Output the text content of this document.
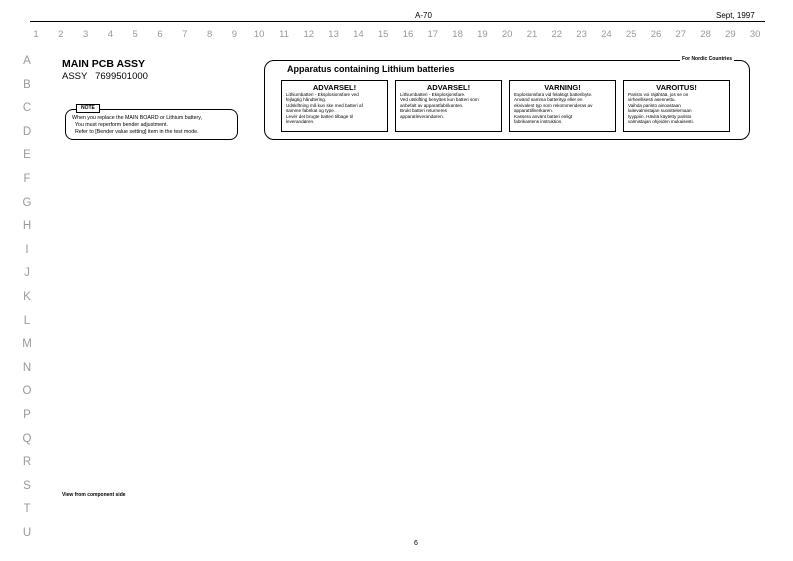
A-70	Sept, 1997
1	2	3	4	5	6	7	8	9	10	11	12	13	14	15	16	17	18	19	20	21	22	23	24	25	26	27	28	29	30
A
B
C
D
E
F
G
H
I
J
K
L
M
N
O
P
Q
R
S
T
U
MAIN PCB ASSY
ASSY   7699501000
NOTE
When you replace the MAIN BOARD or Lithium battery,
You must reperform bender adjustment.
Refer to [Bender value setting] item in the test mode.
For Nordic Countries
Apparatus containing Lithium batteries
ADVARSEL!
Lithiumbatteri - Eksplosionsfare ved
fejlagtig håndtering.
Udskiftning må kun ske med batteri af
samme fabrikat og type.
Levér det brugte batteri tilbage til
leverandøren.
ADVARSEL!
Lithiumbatteri - Eksplosjonsfare.
Ved utskifting benyttes kun batteri som
anbefalt av apparatfabrikanten.
Brukt batteri returneres
apparatleverandøren.
VARNING!
Explosionsfara vid felaktigt batteribyte.
Använd samma batterityp eller en
ekvivalent typ som rekommenderas av
apparattillverkaren.
Kassera använt batteri enligt
fabrikantens instruktion.
VAROITUS!
Paristo voi räjähtää, jos se on
virheellisesti asennettu.
Vaihda paristo ainoastaan
laitevalmistajan suosittelemaan
tyyppiin. Hävitä käytetty paristo
valmistajan ohjeiden mukaisesti.
View from component side
6
